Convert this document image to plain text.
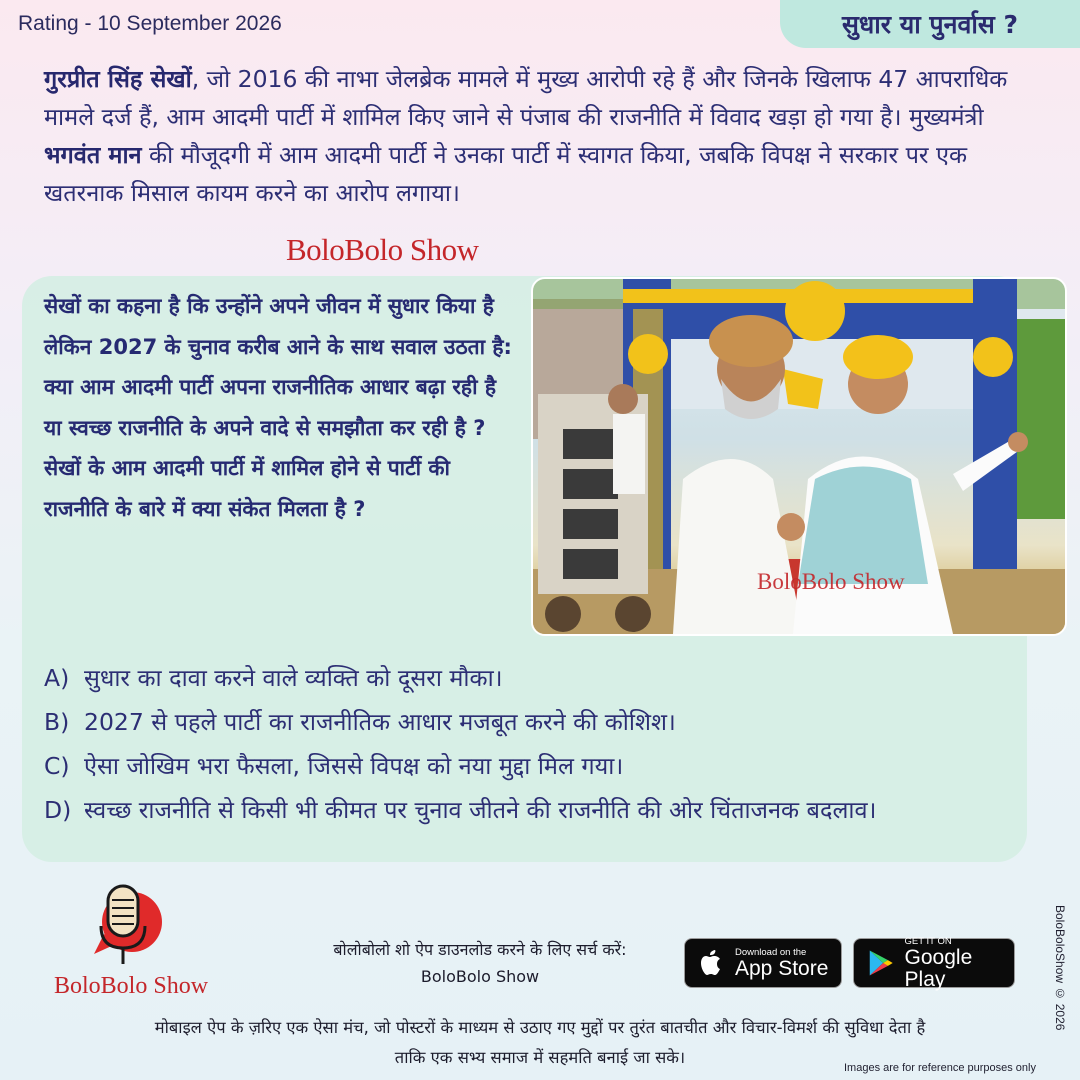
Rating - 10 September 2026	सुधार या पुनर्वास ?
गुरप्रीत सिंह सेखों, जो 2016 की नाभा जेलब्रेक मामले में मुख्य आरोपी रहे हैं और जिनके खिलाफ 47 आपराधिक मामले दर्ज हैं, आम आदमी पार्टी में शामिल किए जाने से पंजाब की राजनीति में विवाद खड़ा हो गया है। मुख्यमंत्री भगवंत मान की मौजूदगी में आम आदमी पार्टी ने उनका पार्टी में स्वागत किया, जबकि विपक्ष ने सरकार पर एक खतरनाक मिसाल कायम करने का आरोप लगाया।
BoloBolo Show
सेखों का कहना है कि उन्होंने अपने जीवन में सुधार किया है लेकिन 2027 के चुनाव करीब आने के साथ सवाल उठता है: क्या आम आदमी पार्टी अपना राजनीतिक आधार बढ़ा रही है या स्वच्छ राजनीति के अपने वादे से समझौता कर रही है ? सेखों के आम आदमी पार्टी में शामिल होने से पार्टी की राजनीति के बारे में क्या संकेत मिलता है ?
BoloBolo Show
A) सुधार का दावा करने वाले व्यक्ति को दूसरा मौका।
B) 2027 से पहले पार्टी का राजनीतिक आधार मजबूत करने की कोशिश।
C) ऐसा जोखिम भरा फैसला, जिससे विपक्ष को नया मुद्दा मिल गया।
D) स्वच्छ राजनीति से किसी भी कीमत पर चुनाव जीतने की राजनीति की ओर चिंताजनक बदलाव।
BoloBolo Show
बोलोबोलो शो ऐप डाउनलोड करने के लिए सर्च करें:
BoloBolo Show
Download on the
App Store
GET IT ON
Google Play	BoloBoloShow © 2026
मोबाइल ऐप के ज़रिए एक ऐसा मंच, जो पोस्टरों के माध्यम से उठाए गए मुद्दों पर तुरंत बातचीत और विचार-विमर्श की सुविधा देता है
ताकि एक सभ्य समाज में सहमति बनाई जा सके।
Images are for reference purposes only
